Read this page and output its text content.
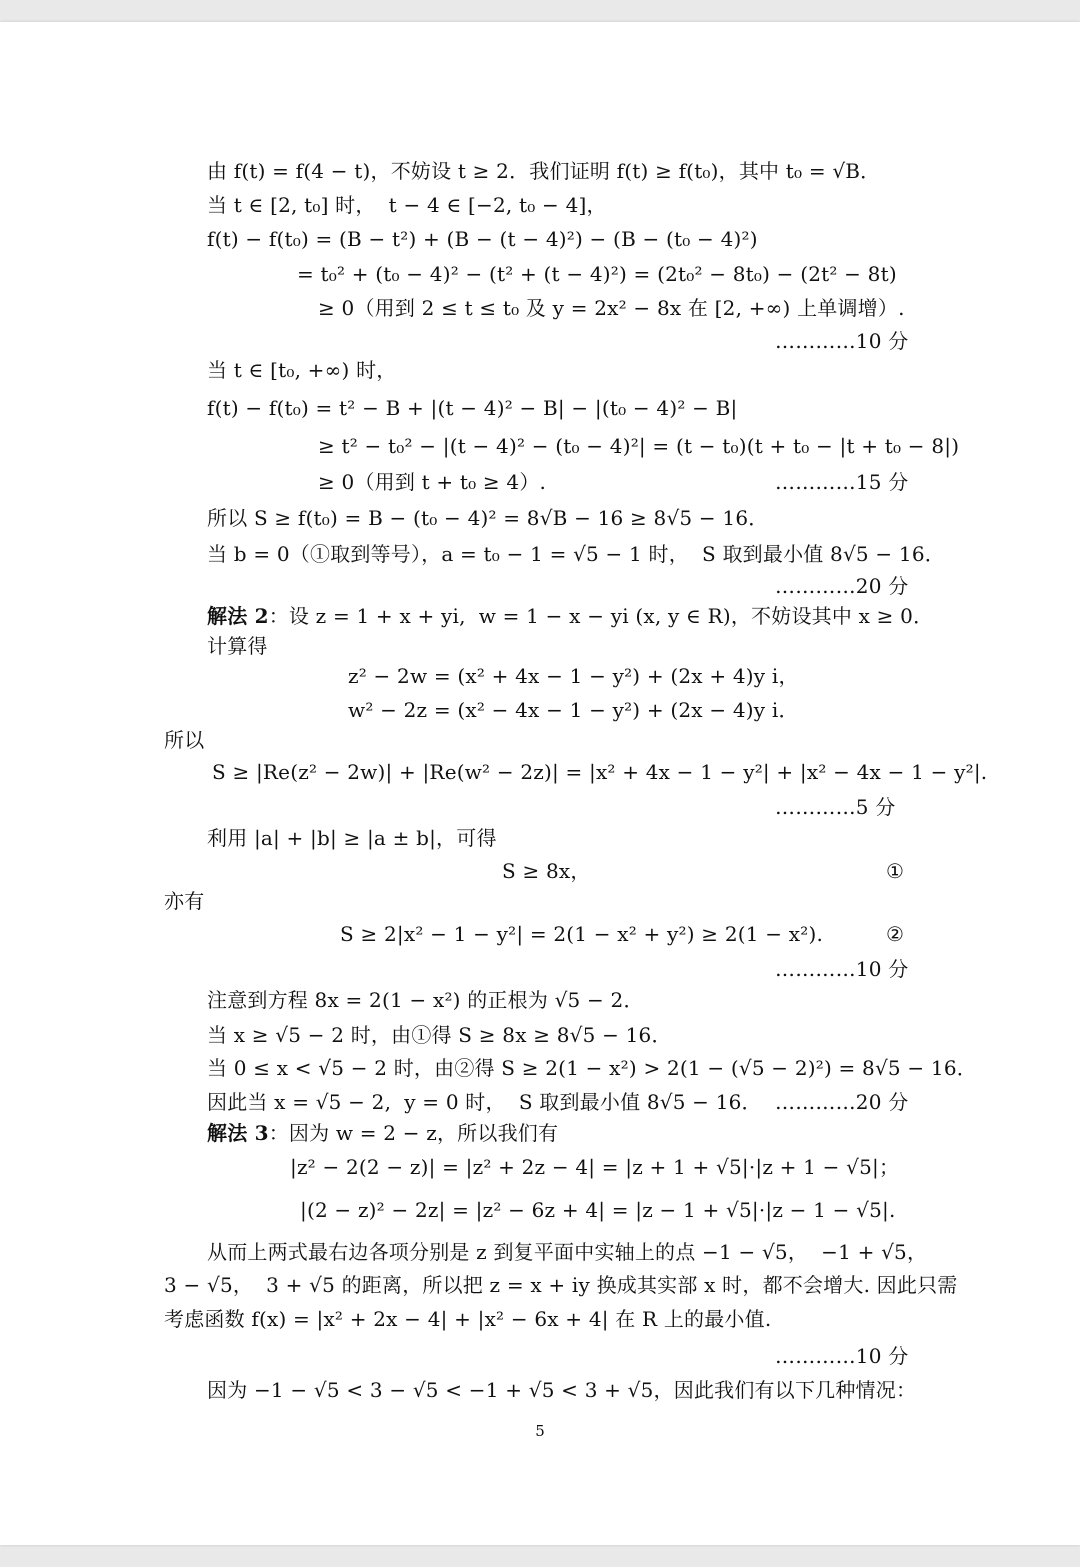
由 f(t) = f(4 − t)，不妨设 t ≥ 2．我们证明 f(t) ≥ f(t₀)，其中 t₀ = √B．
当 t ∈ [2, t₀] 时，  t − 4 ∈ [−2, t₀ − 4]，
f(t) − f(t₀) = (B − t²) + (B − (t − 4)²) − (B − (t₀ − 4)²)
= t₀² + (t₀ − 4)² − (t² + (t − 4)²) = (2t₀² − 8t₀) − (2t² − 8t)
≥ 0（用到 2 ≤ t ≤ t₀ 及 y = 2x² − 8x 在 [2, +∞) 上单调增）.
…………10 分
当 t ∈ [t₀, +∞) 时，
f(t) − f(t₀) = t² − B + |(t − 4)² − B| − |(t₀ − 4)² − B|
≥ t² − t₀² − |(t − 4)² − (t₀ − 4)²| = (t − t₀)(t + t₀ − |t + t₀ − 8|)
≥ 0（用到 t + t₀ ≥ 4）.	…………15 分
所以 S ≥ f(t₀) = B − (t₀ − 4)² = 8√B − 16 ≥ 8√5 − 16．
当 b = 0（①取到等号），a = t₀ − 1 = √5 − 1 时，  S 取到最小值 8√5 − 16．
…………20 分
解法 2：设 z = 1 + x + yi,  w = 1 − x − yi (x, y ∈ R)，不妨设其中 x ≥ 0．
计算得
z² − 2w = (x² + 4x − 1 − y²) + (2x + 4)y i，
w² − 2z = (x² − 4x − 1 − y²) + (2x − 4)y i．
所以
S ≥ |Re(z² − 2w)| + |Re(w² − 2z)| = |x² + 4x − 1 − y²| + |x² − 4x − 1 − y²|.
…………5 分
利用 |a| + |b| ≥ |a ± b|，可得
S ≥ 8x，	①
亦有
S ≥ 2|x² − 1 − y²| = 2(1 − x² + y²) ≥ 2(1 − x²).	②
…………10 分
注意到方程 8x = 2(1 − x²) 的正根为 √5 − 2．
当 x ≥ √5 − 2 时，由①得 S ≥ 8x ≥ 8√5 − 16．
当 0 ≤ x < √5 − 2 时，由②得 S ≥ 2(1 − x²) > 2(1 − (√5 − 2)²) = 8√5 − 16．
因此当 x = √5 − 2,  y = 0 时，  S 取到最小值 8√5 − 16． …………20 分
解法 3：因为 w = 2 − z，所以我们有
|z² − 2(2 − z)| = |z² + 2z − 4| = |z + 1 + √5|·|z + 1 − √5|；
|(2 − z)² − 2z| = |z² − 6z + 4| = |z − 1 + √5|·|z − 1 − √5|.
从而上两式最右边各项分别是 z 到复平面中实轴上的点 −1 − √5，  −1 + √5，
3 − √5，  3 + √5 的距离，所以把 z = x + iy 换成其实部 x 时，都不会增大. 因此只需
考虑函数 f(x) = |x² + 2x − 4| + |x² − 6x + 4| 在 R 上的最小值.
…………10 分
因为 −1 − √5 < 3 − √5 < −1 + √5 < 3 + √5，因此我们有以下几种情况：
5
